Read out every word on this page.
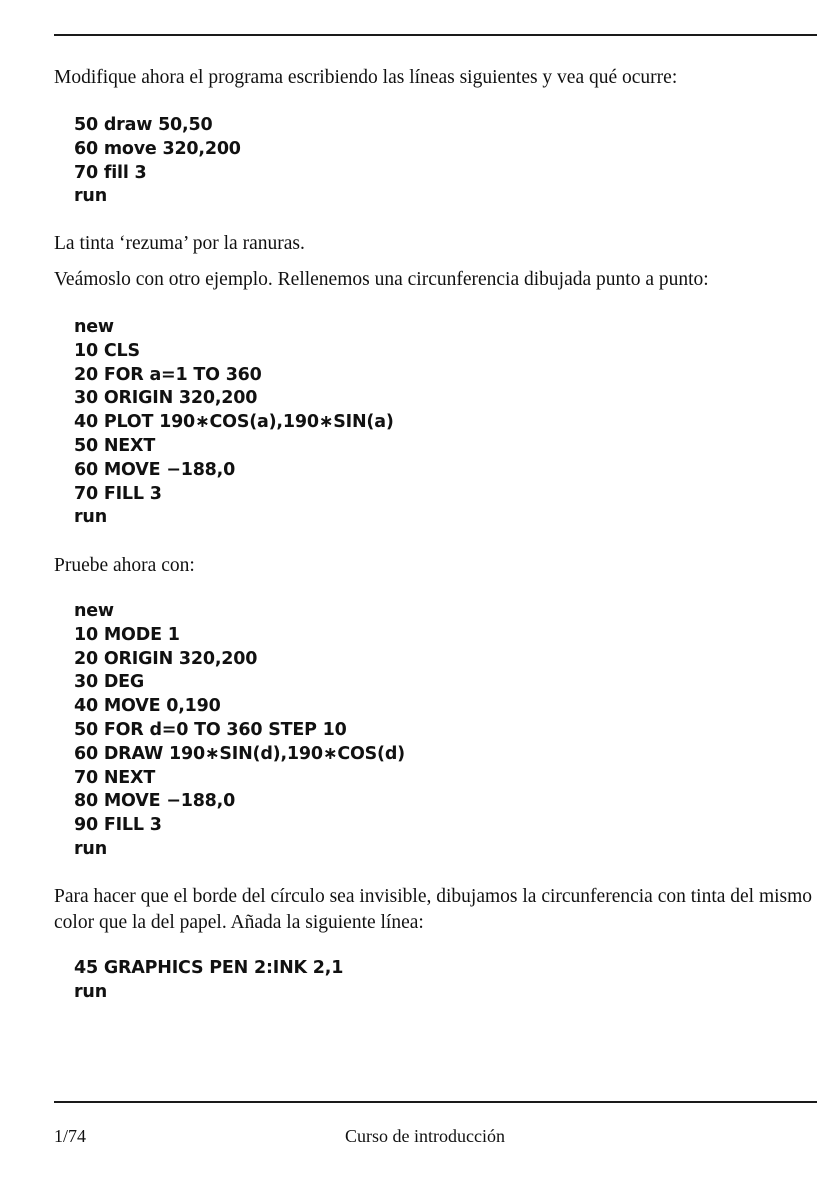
Modifique ahora el programa escribiendo las líneas siguientes y vea qué ocurre:

50 draw 50,50
60 move 320,200
70 fill 3
run

La tinta ‘rezuma’ por la ranuras.

Veámoslo con otro ejemplo. Rellenemos una circunferencia dibujada punto a punto:

new
10 CLS
20 FOR a=1 TO 360
30 ORIGIN 320,200
40 PLOT 190∗COS(a),190∗SIN(a)
50 NEXT
60 MOVE −188,0
70 FILL 3
run

Pruebe ahora con:

new
10 MODE 1
20 ORIGIN 320,200
30 DEG
40 MOVE 0,190
50 FOR d=0 TO 360 STEP 10
60 DRAW 190∗SIN(d),190∗COS(d)
70 NEXT
80 MOVE −188,0
90 FILL 3
run

Para hacer que el borde del círculo sea invisible, dibujamos la circunferencia con tinta del mismo color que la del papel. Añada la siguiente línea:

45 GRAPHICS PEN 2:INK 2,1
run

1/74	Curso de introducción
